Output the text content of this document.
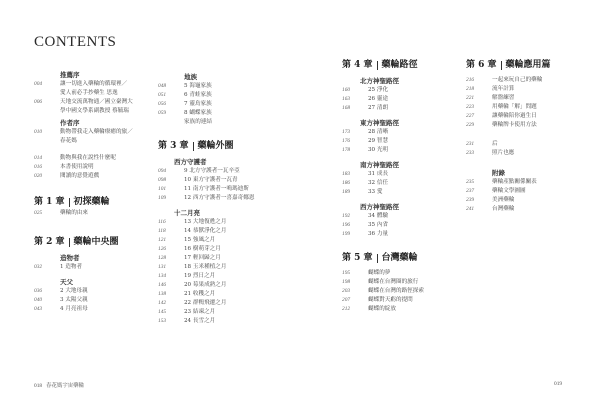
CONTENTS
推薦序
004	讓一切進入藥輪的循環裡／
愛人前必手抄藥生 思逸
006	天地交流萬物通／國立臺灣大
學中國文學系副教授 蔡毓瑞
作者序
010	動物帶我走入藥輪療癒的旅／
春花媽
014	動物與我在說性什麼呢
016	本書使用說明
020	閱讀的意覺遊戲
第 1 章 初探藥輪
025	藥輪的由來
第 2 章 藥輪中央圈
造物者
032	1 造物者
天父
036	2 大地母親
040	3 太陽父親
043	4 月亮祖母
地族
048	5 海龜家族
051	6 青蛙家族
056	7 靈鳥家族
059	8 蝴蝶家族
家族的連結
第 3 章 藥輪外圈
西方守護者
094	9 北方守護者一瓦辛亞
098	10 東方守護者一瓦青
101	11 南方守護者一鳴瑪迪斯
109	12 西方守護者一喜嘉奇娜恩
十二月亮
116	13 大地復甦之月
118	14 恭獸淨化之月
121	15 強風之月
126	16 樹萌芽之月
128	17 輕回歸之月
131	18 玉米種植之月
134	19 烈日之月
146	20 莓果成熟之月
138	21 收穫之月
142	22 群鴨飛遷之月
145	23 結凍之月
153	24 長雪之月
第 4 章 藥輪路徑
北方神聖路徑
160	25 淨化
163	26 靈途
168	27 清朗
東方神聖路徑
173	28 清晰
176	29 智慧
178	30 光明
南方神聖路徑
183	31 成長
186	32 信任
189	33 愛
西方神聖路徑
192	34 體驗
196	35 內省
199	36 力量
第 5 章 台灣藥輪
195	蝴蝶的夢
198	蝴蝶在台灣圈的旅行
203	蝴蝶在台灣的路徑探索
207	蝴蝶對天虧的提問
212	蝴蝶的綻放
第 6 章 藥輪應用篇
216	一起來玩自己的藥輪
218	流年計算
221	解盤練習
223	用藥輪「解」問題
227	讓藥輪陪你過生日
229	藥輪牌卡使用方法
231	后
233	照片也應
附錄
235	藥輪產點關係關表
237	藥輪文學圖圖
239	美洲藥輪
241	台灣藥輪
018 春花媽宇宙藥輪	019
